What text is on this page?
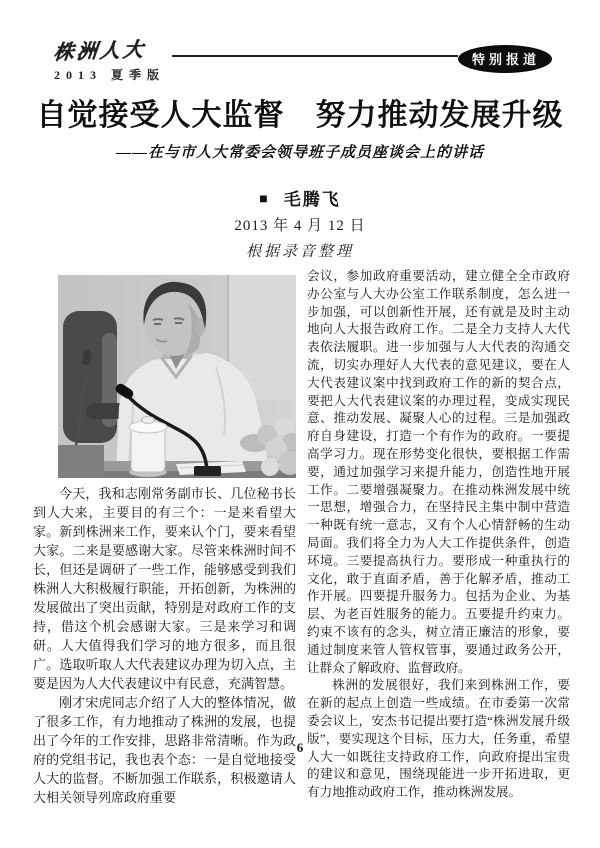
株洲人大
2013 夏季版
特别报道
自觉接受人大监督　努力推动发展升级
——在与市人大常委会领导班子成员座谈会上的讲话
■ 毛腾飞
2013 年 4 月 12 日
根据录音整理

今天，我和志刚常务副市长、几位秘书长到人大来，主要目的有三个：一是来看望大家。新到株洲来工作，要来认个门，要来看望大家。二来是要感谢大家。尽管来株洲时间不长，但还是调研了一些工作，能够感受到我们株洲人大积极履行职能，开拓创新，为株洲的发展做出了突出贡献，特别是对政府工作的支持，借这个机会感谢大家。三是来学习和调研。人大值得我们学习的地方很多，而且很广。选取听取人大代表建议办理为切入点，主要是因为人大代表建议中有民意，充满智慧。

刚才宋虎同志介绍了人大的整体情况，做了很多工作，有力地推动了株洲的发展，也提出了今年的工作安排，思路非常清晰。作为政府的党组书记，我也表个态：一是自觉地接受人大的监督。不断加强工作联系，积极邀请人大相关领导列席政府重要

会议，参加政府重要活动，建立健全全市政府办公室与人大办公室工作联系制度，怎么进一步加强，可以创新性开展，还有就是及时主动地向人大报告政府工作。二是全力支持人大代表依法履职。进一步加强与人大代表的沟通交流，切实办理好人大代表的意见建议，要在人大代表建议案中找到政府工作的新的契合点，要把人大代表建议案的办理过程，变成实现民意、推动发展、凝聚人心的过程。三是加强政府自身建设，打造一个有作为的政府。一要提高学习力。现在形势变化很快，要根据工作需要，通过加强学习来提升能力，创造性地开展工作。二要增强凝聚力。在推动株洲发展中统一思想，增强合力，在坚持民主集中制中营造一种既有统一意志，又有个人心情舒畅的生动局面。我们将全力为人大工作提供条件，创造环境。三要提高执行力。要形成一种重执行的文化，敢于直面矛盾，善于化解矛盾，推动工作开展。四要提升服务力。包括为企业、为基层、为老百姓服务的能力。五要提升约束力。约束不该有的念头，树立清正廉洁的形象，要通过制度来管人管权管事，要通过政务公开，让群众了解政府、监督政府。

株洲的发展很好，我们来到株洲工作，要在新的起点上创造一些成绩。在市委第一次常委会议上，安杰书记提出要打造“株洲发展升级版”，要实现这个目标，压力大，任务重，希望人大一如既往支持政府工作，向政府提出宝贵的建议和意见，围绕现能进一步开拓进取，更有力地推动政府工作，推动株洲发展。

6
